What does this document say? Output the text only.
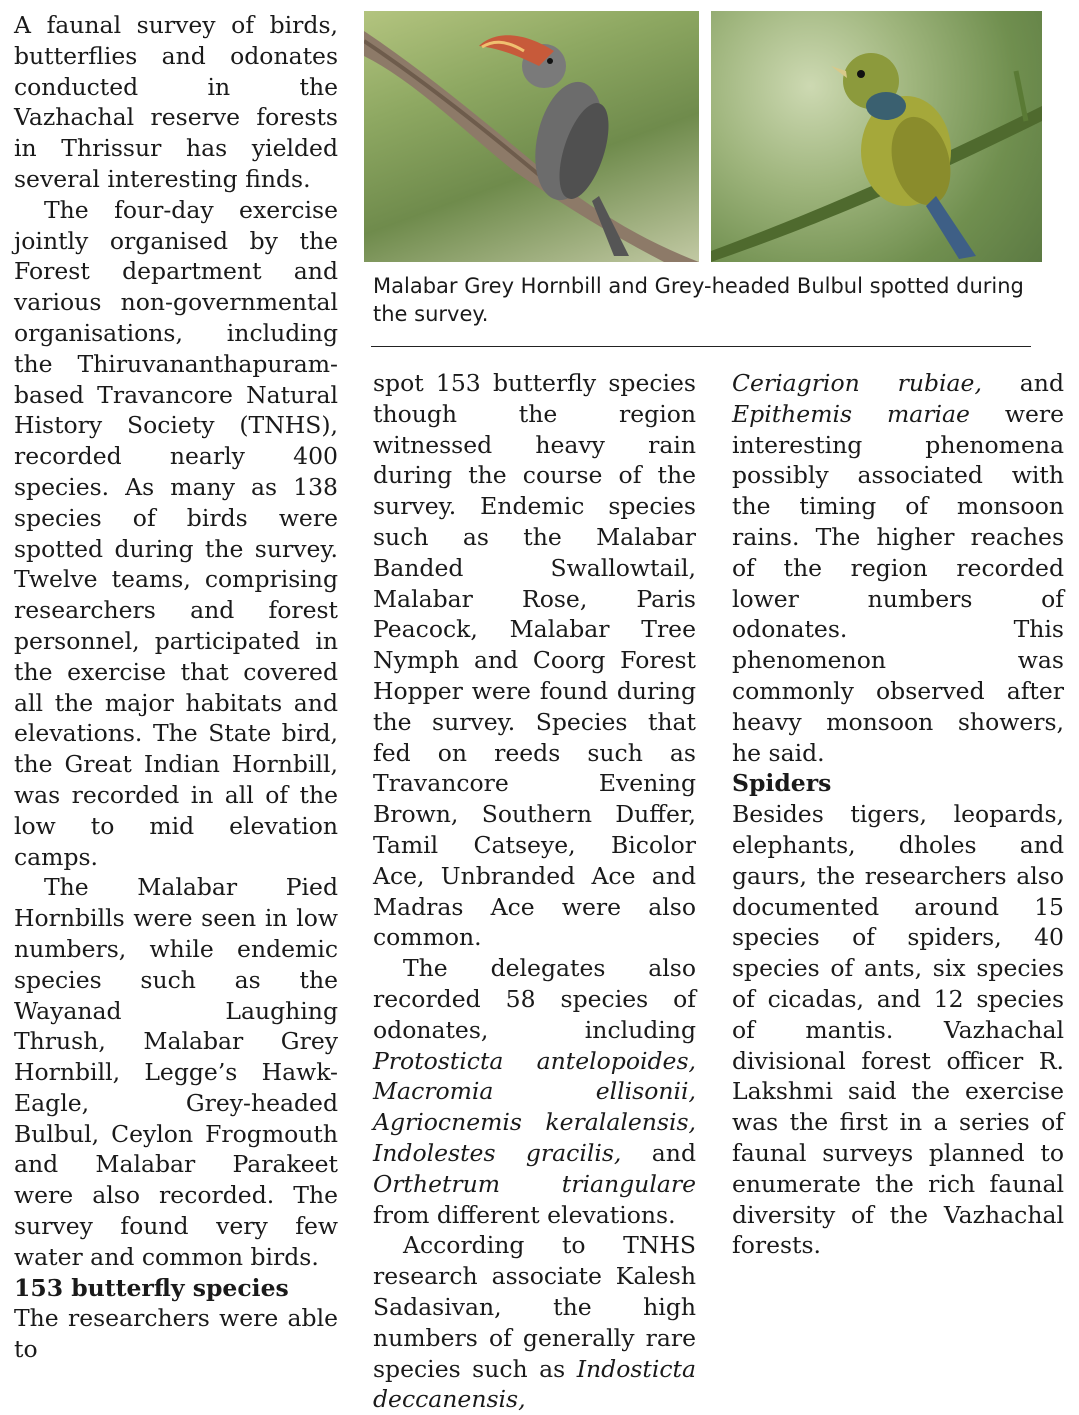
A faunal survey of birds, butterflies and odonates conducted in the Vazhachal reserve forests in Thrissur has yielded several interesting finds.

The four-day exercise jointly organised by the Forest department and various non-governmental organisations, including the Thiruvananthapuram-based Travancore Natural History Society (TNHS), recorded nearly 400 species. As many as 138 species of birds were spotted during the survey. Twelve teams, comprising researchers and forest personnel, participated in the exercise that covered all the major habitats and elevations. The State bird, the Great Indian Hornbill, was recorded in all of the low to mid elevation camps.

The Malabar Pied Hornbills were seen in low numbers, while endemic species such as the Wayanad Laughing Thrush, Malabar Grey Hornbill, Legge’s Hawk-Eagle, Grey-headed Bulbul, Ceylon Frogmouth and Malabar Parakeet were also recorded. The survey found very few water and common birds.

153 butterfly species

The researchers were able to

Malabar Grey Hornbill and Grey-headed Bulbul spotted during the survey.

spot 153 butterfly species though the region witnessed heavy rain during the course of the survey. Endemic species such as the Malabar Banded Swallowtail, Malabar Rose, Paris Peacock, Malabar Tree Nymph and Coorg Forest Hopper were found during the survey. Species that fed on reeds such as Travancore Evening Brown, Southern Duffer, Tamil Catseye, Bicolor Ace, Unbranded Ace and Madras Ace were also common.

The delegates also recorded 58 species of odonates, including Protosticta antelopoides, Macromia ellisonii, Agriocnemis keralalensis, Indolestes gracilis, and Orthetrum triangulare from different elevations.

According to TNHS research associate Kalesh Sadasivan, the high numbers of generally rare species such as Indosticta deccanensis,

Ceriagrion rubiae, and Epithemis mariae were interesting phenomena possibly associated with the timing of monsoon rains. The higher reaches of the region recorded lower numbers of odonates. This phenomenon was commonly observed after heavy monsoon showers, he said.

Spiders

Besides tigers, leopards, elephants, dholes and gaurs, the researchers also documented around 15 species of spiders, 40 species of ants, six species of cicadas, and 12 species of mantis. Vazhachal divisional forest officer R. Lakshmi said the exercise was the first in a series of faunal surveys planned to enumerate the rich faunal diversity of the Vazhachal forests.
